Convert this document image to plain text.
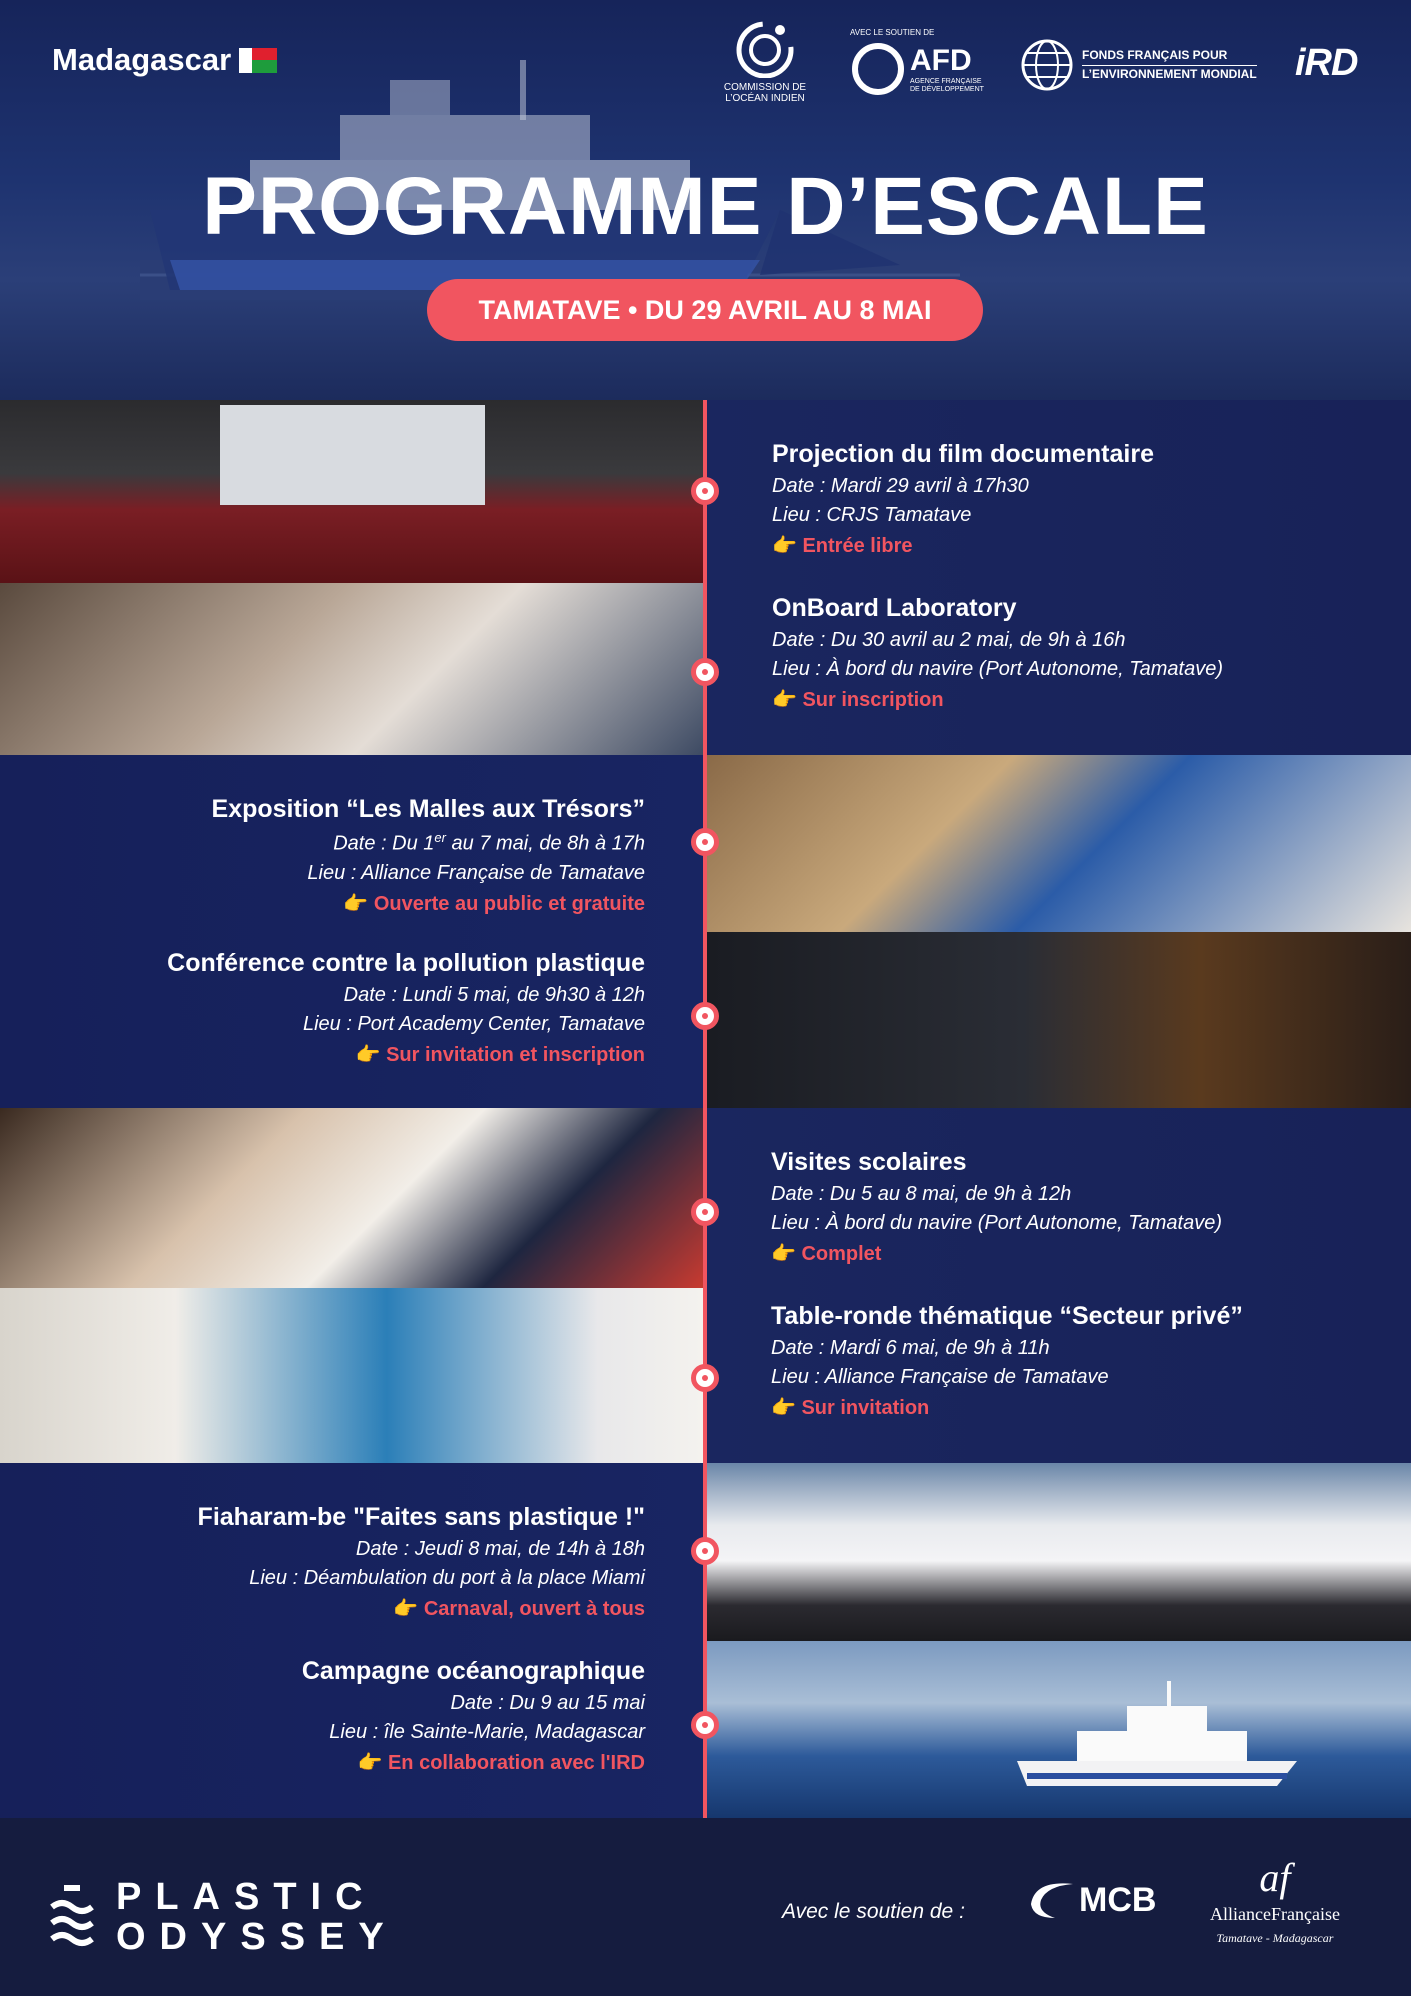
Madagascar
COMMISSION DE
L’OCÉAN INDIEN
AVEC LE SOUTIEN DE
AFD
AGENCE FRANÇAISE
DE DÉVELOPPEMENT
FONDS FRANÇAIS POUR
L’ENVIRONNEMENT MONDIAL iRD
PROGRAMME D’ESCALE
TAMATAVE • DU 29 AVRIL AU 8 MAI
Projection du film documentaire
Date : Mardi 29 avril à 17h30
Lieu : CRJS Tamatave
👉 Entrée libre
OnBoard Laboratory
Date : Du 30 avril au 2 mai, de 9h à 16h
Lieu : À bord du navire (Port Autonome, Tamatave)
👉 Sur inscription
Exposition “Les Malles aux Trésors”
Date : Du 1er au 7 mai, de 8h à 17h
Lieu : Alliance Française de Tamatave
👉 Ouverte au public et gratuite
Conférence contre la pollution plastique
Date : Lundi 5 mai, de 9h30 à 12h
Lieu : Port Academy Center, Tamatave
👉 Sur invitation et inscription
Visites scolaires
Date : Du 5 au 8 mai, de 9h à 12h
Lieu : À bord du navire (Port Autonome, Tamatave)
👉 Complet
Table-ronde thématique “Secteur privé”
Date : Mardi 6 mai, de 9h à 11h
Lieu : Alliance Française de Tamatave
👉 Sur invitation
Fiaharam-be "Faites sans plastique !"
Date : Jeudi 8 mai, de 14h à 18h
Lieu : Déambulation du port à la place Miami
👉 Carnaval, ouvert à tous
Campagne océanographique
Date : Du 9 au 15 mai
Lieu : île Sainte-Marie, Madagascar
👉 En collaboration avec l'IRD
PLASTIC
ODYSSEY
Avec le soutien de :	MCB	af
AllianceFrançaise
Tamatave - Madagascar
